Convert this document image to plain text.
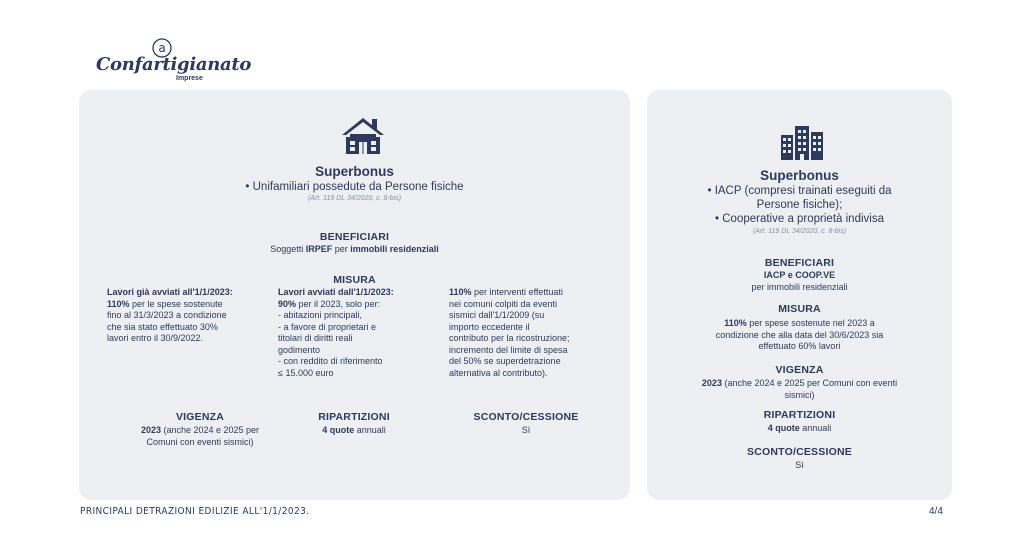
a
Confartigianato
Imprese
Superbonus
• Unifamiliari possedute da Persone fisiche
(Art. 119 DL 34/2020, c. 8-bis)
BENEFICIARI
Soggetti IRPEF per immobili residenziali
MISURA
Lavori già avviati all'1/1/2023:
110% per le spese sostenute
fino al 31/3/2023 a condizione
che sia stato effettuato 30%
lavori entro il 30/9/2022.
Lavori avviati dall'1/1/2023:
90% per il 2023, solo per:
- abitazioni principali,
- a favore di proprietari e
titolari di diritti reali
godimento
- con reddito di riferimento
≤ 15.000 euro
110% per interventi effettuati
nei comuni colpiti da eventi
sismici dall'1/1/2009 (su
importo eccedente il
contributo per la ricostruzione;
incremento del limite di spesa
del 50% se superdetrazione
alternativa al contributo).
VIGENZA
2023 (anche 2024 e 2025 per
Comuni con eventi sismici)
RIPARTIZIONI
4 quote annuali
SCONTO/CESSIONE
Sì
Superbonus
• IACP (compresi trainati eseguiti da
Persone fisiche);
• Cooperative a proprietà indivisa
(Art. 119 DL 34/2020, c. 8-bis)
BENEFICIARI
IACP e COOP.VE
per immobili residenziali
MISURA
110% per spese sostenute nel 2023 a
condizione che alla data del 30/6/2023 sia
effettuato 60% lavori
VIGENZA
2023 (anche 2024 e 2025 per Comuni con eventi
sismici)
RIPARTIZIONI
4 quote annuali
SCONTO/CESSIONE
Sì
PRINCIPALI DETRAZIONI EDILIZIE ALL'1/1/2023.	4/4
